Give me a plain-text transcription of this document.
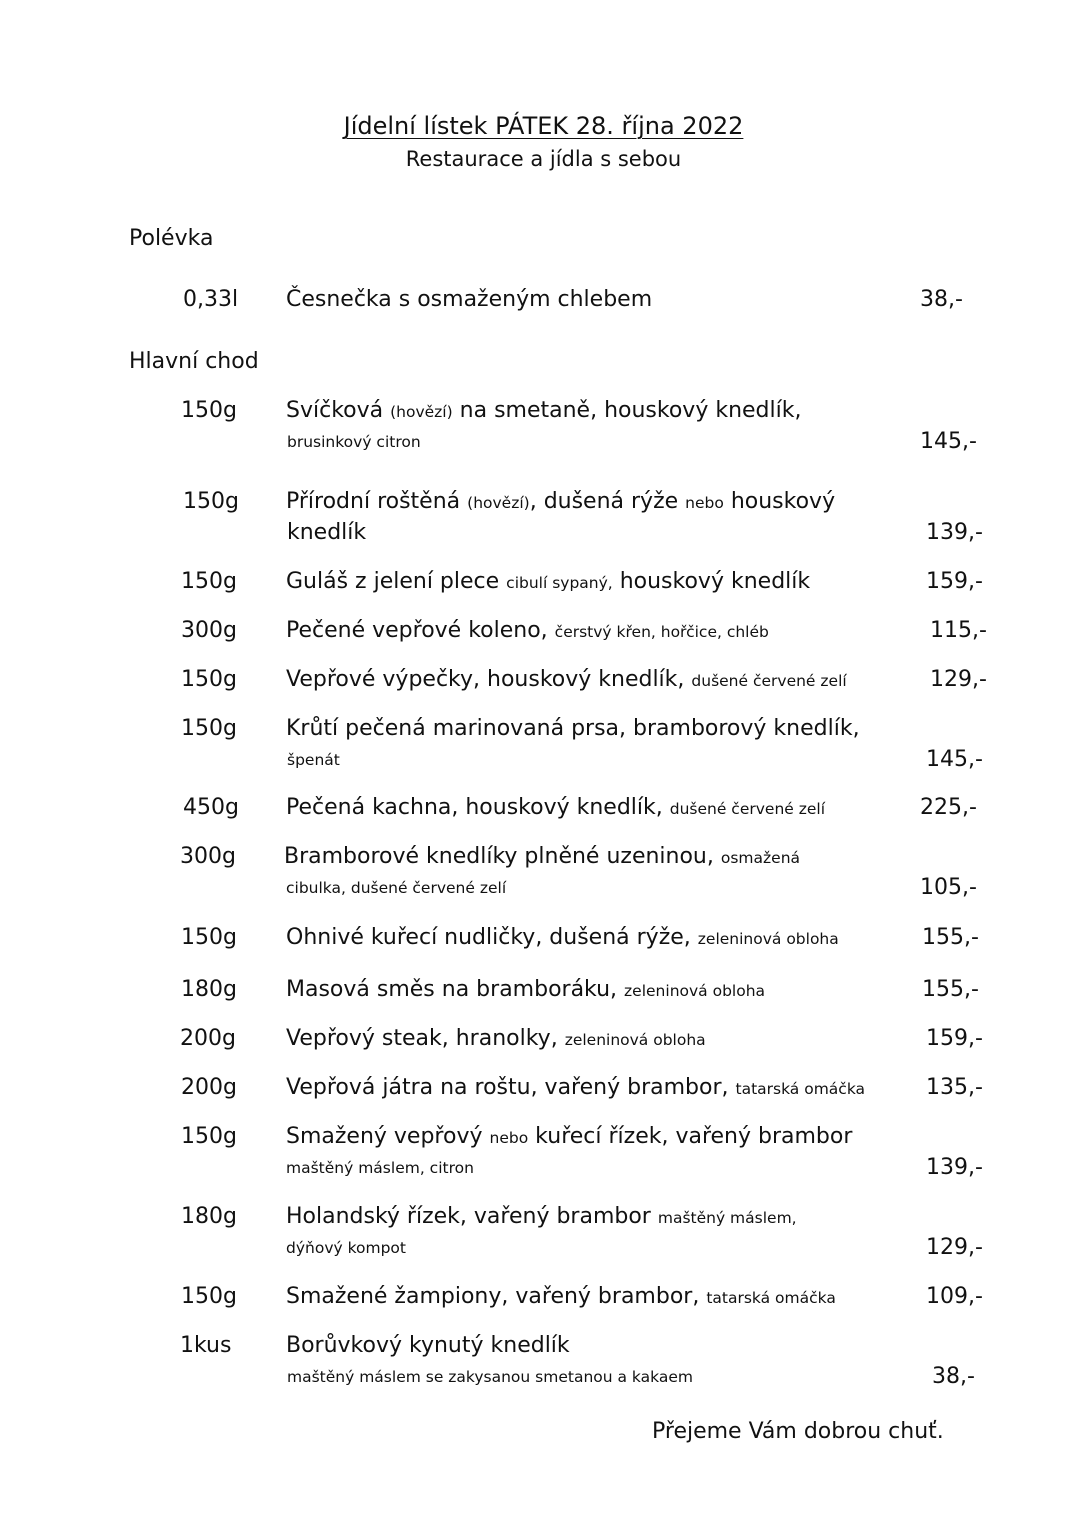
Jídelní lístek PÁTEK 28. října 2022
Restaurace a jídla s sebou
Polévka
0,33l Česnečka s osmaženým chlebem	38,-
Hlavní chod
150g Svíčková (hovězí) na smetaně, houskový knedlík,
brusinkový citron	145,-
150g Přírodní roštěná (hovězí), dušená rýže nebo houskový
knedlík	139,-
150g Guláš z jelení plece cibulí sypaný, houskový knedlík	159,-
300g Pečené vepřové koleno, čerstvý křen, hořčice, chléb	115,-
150g Vepřové výpečky, houskový knedlík, dušené červené zelí	129,-
150g Krůtí pečená marinovaná prsa, bramborový knedlík,
špenát	145,-
450g Pečená kachna, houskový knedlík, dušené červené zelí	225,-
300g Bramborové knedlíky plněné uzeninou, osmažená
cibulka, dušené červené zelí	105,-
150g Ohnivé kuřecí nudličky, dušená rýže, zeleninová obloha	155,-
180g Masová směs na bramboráku, zeleninová obloha	155,-
200g Vepřový steak, hranolky, zeleninová obloha	159,-
200g Vepřová játra na roštu, vařený brambor, tatarská omáčka	135,-
150g Smažený vepřový nebo kuřecí řízek, vařený brambor
maštěný máslem, citron	139,-
180g Holandský řízek, vařený brambor maštěný máslem,
dýňový kompot	129,-
150g Smažené žampiony, vařený brambor, tatarská omáčka	109,-
1kus Borůvkový kynutý knedlík
maštěný máslem se zakysanou smetanou a kakaem	38,-
Přejeme Vám dobrou chuť.
